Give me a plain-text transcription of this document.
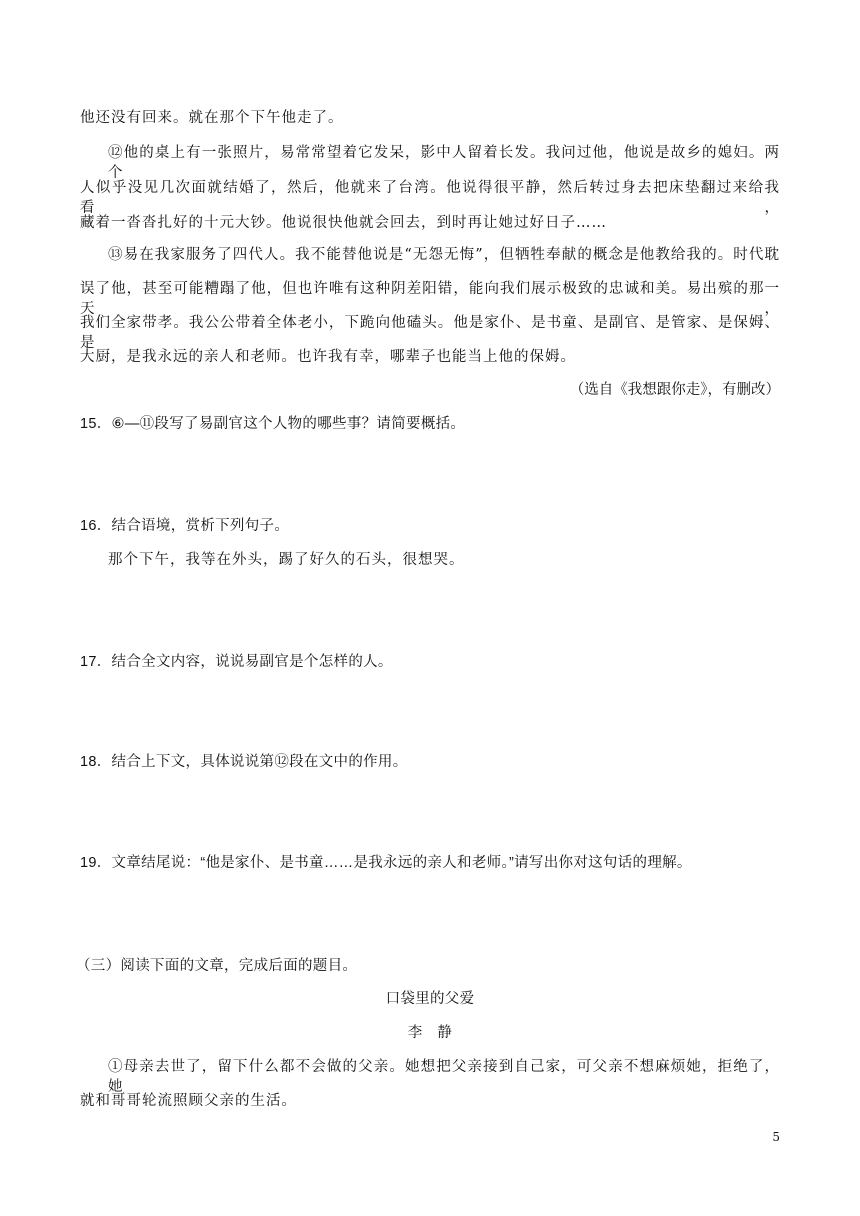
他还没有回来。就在那个下午他走了。
⑫他的桌上有一张照片，易常常望着它发呆，影中人留着长发。我问过他，他说是故乡的媳妇。两个
人似乎没见几次面就结婚了，然后，他就来了台湾。他说得很平静，然后转过身去把床垫翻过来给我看，
藏着一沓沓扎好的十元大钞。他说很快他就会回去，到时再让她过好日子……
⑬易在我家服务了四代人。我不能替他说是“无怨无悔”，但牺牲奉献的概念是他教给我的。时代耽
误了他，甚至可能糟蹋了他，但也许唯有这种阴差阳错，能向我们展示极致的忠诚和美。易出殡的那一天，
我们全家带孝。我公公带着全体老小，下跪向他磕头。他是家仆、是书童、是副官、是管家、是保姆、是
大厨，是我永远的亲人和老师。也许我有幸，哪辈子也能当上他的保姆。
（选自《我想跟你走》，有删改）
15．⑥—⑪段写了易副官这个人物的哪些事？请简要概括。
16．结合语境，赏析下列句子。
那个下午，我等在外头，踢了好久的石头，很想哭。
17．结合全文内容，说说易副官是个怎样的人。
18．结合上下文，具体说说第⑫段在文中的作用。
19．文章结尾说：“他是家仆、是书童……是我永远的亲人和老师。”请写出你对这句话的理解。
（三）阅读下面的文章，完成后面的题目。
口袋里的父爱
李　静
①母亲去世了，留下什么都不会做的父亲。她想把父亲接到自己家，可父亲不想麻烦她，拒绝了，她
就和哥哥轮流照顾父亲的生活。
5
